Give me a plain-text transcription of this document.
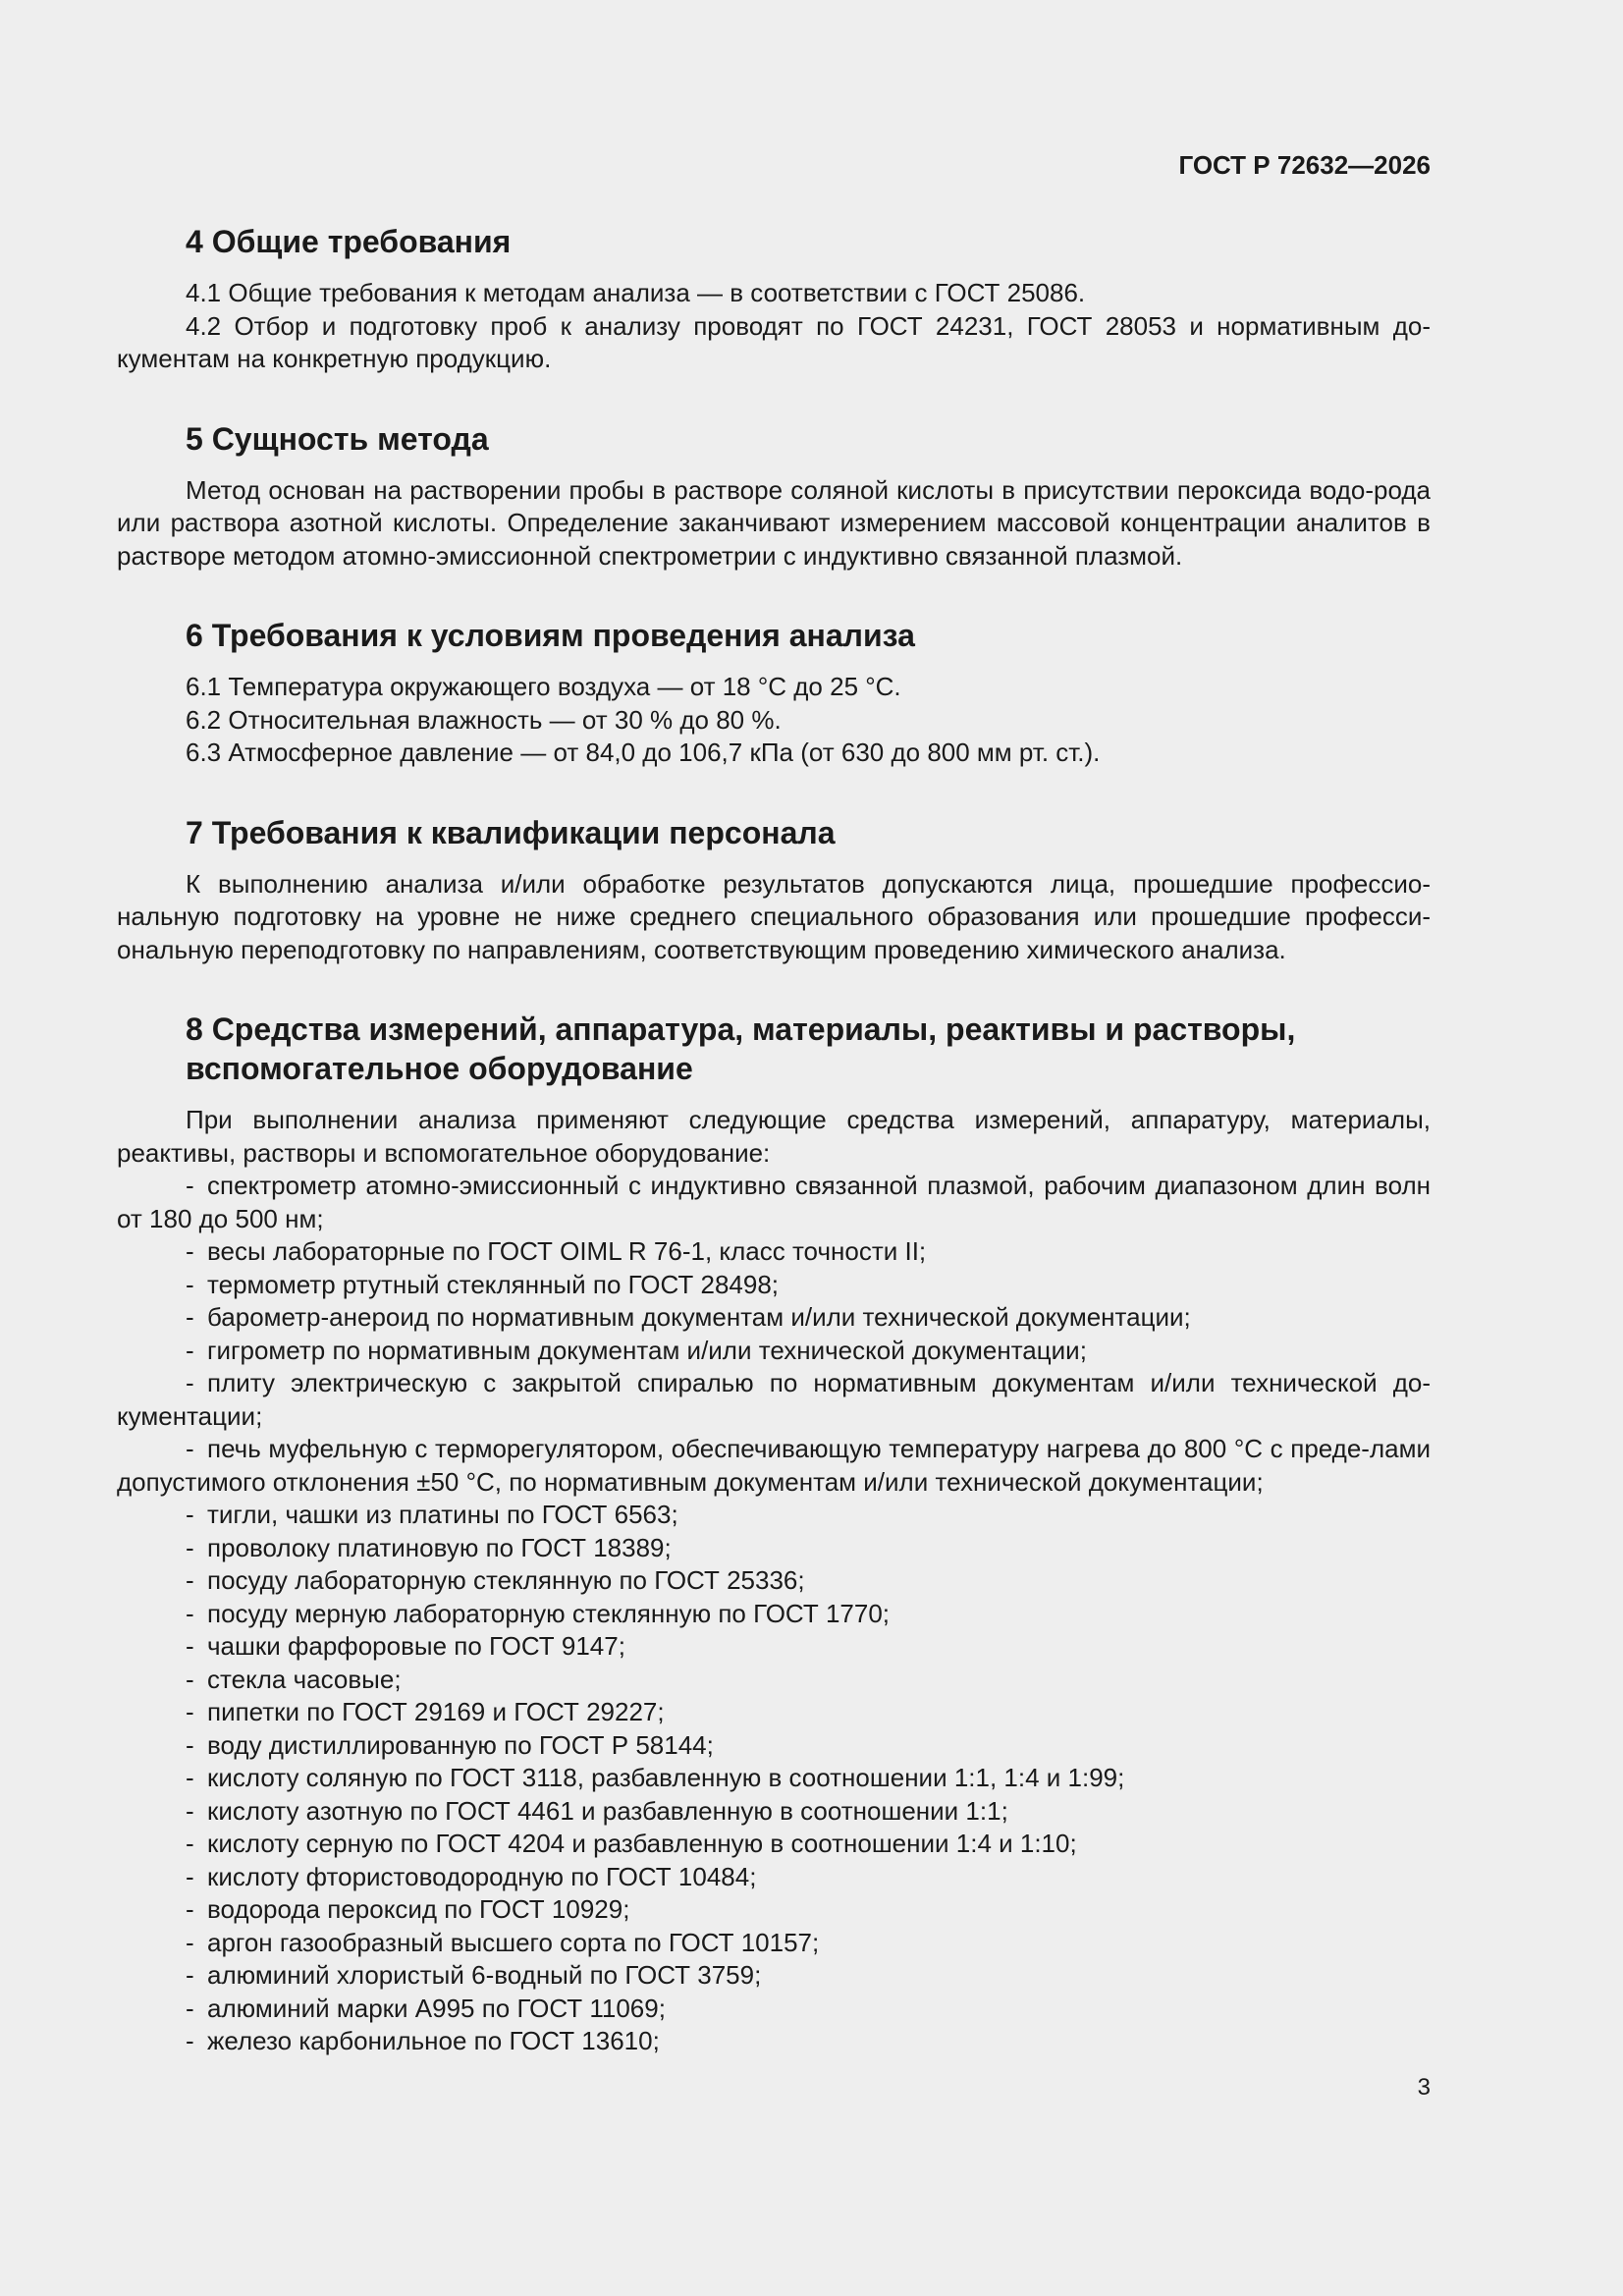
ГОСТ Р 72632—2026
4 Общие требования

4.1 Общие требования к методам анализа — в соответствии с ГОСТ 25086.

4.2 Отбор и подготовку проб к анализу проводят по ГОСТ 24231, ГОСТ 28053 и нормативным до-кументам на конкретную продукцию.

5 Сущность метода

Метод основан на растворении пробы в растворе соляной кислоты в присутствии пероксида водо-рода или раствора азотной кислоты. Определение заканчивают измерением массовой концентрации аналитов в растворе методом атомно-эмиссионной спектрометрии с индуктивно связанной плазмой.

6 Требования к условиям проведения анализа

6.1 Температура окружающего воздуха — от 18 °С до 25 °С.

6.2 Относительная влажность — от 30 % до 80 %.

6.3 Атмосферное давление — от 84,0 до 106,7 кПа (от 630 до 800 мм рт. ст.).

7 Требования к квалификации персонала

К выполнению анализа и/или обработке результатов допускаются лица, прошедшие профессио-нальную подготовку на уровне не ниже среднего специального образования или прошедшие професси-ональную переподготовку по направлениям, соответствующим проведению химического анализа.

8 Средства измерений, аппаратура, материалы, реактивы и растворы,
вспомогательное оборудование

При выполнении анализа применяют следующие средства измерений, аппаратуру, материалы, реактивы, растворы и вспомогательное оборудование:

- спектрометр атомно-эмиссионный с индуктивно связанной плазмой, рабочим диапазоном длин волн от 180 до 500 нм;

- весы лабораторные по ГОСТ OIML R 76-1, класс точности II;

- термометр ртутный стеклянный по ГОСТ 28498;

- барометр-анероид по нормативным документам и/или технической документации;

- гигрометр по нормативным документам и/или технической документации;

- плиту электрическую с закрытой спиралью по нормативным документам и/или технической до-кументации;

- печь муфельную с терморегулятором, обеспечивающую температуру нагрева до 800 °С с преде-лами допустимого отклонения ±50 °С, по нормативным документам и/или технической документации;

- тигли, чашки из платины по ГОСТ 6563;

- проволоку платиновую по ГОСТ 18389;

- посуду лабораторную стеклянную по ГОСТ 25336;

- посуду мерную лабораторную стеклянную по ГОСТ 1770;

- чашки фарфоровые по ГОСТ 9147;

- стекла часовые;

- пипетки по ГОСТ 29169 и ГОСТ 29227;

- воду дистиллированную по ГОСТ Р 58144;

- кислоту соляную по ГОСТ 3118, разбавленную в соотношении 1:1, 1:4 и 1:99;

- кислоту азотную по ГОСТ 4461 и разбавленную в соотношении 1:1;

- кислоту серную по ГОСТ 4204 и разбавленную в соотношении 1:4 и 1:10;

- кислоту фтористоводородную по ГОСТ 10484;

- водорода пероксид по ГОСТ 10929;

- аргон газообразный высшего сорта по ГОСТ 10157;

- алюминий хлористый 6-водный по ГОСТ 3759;

- алюминий марки А995 по ГОСТ 11069;

- железо карбонильное по ГОСТ 13610;

3
